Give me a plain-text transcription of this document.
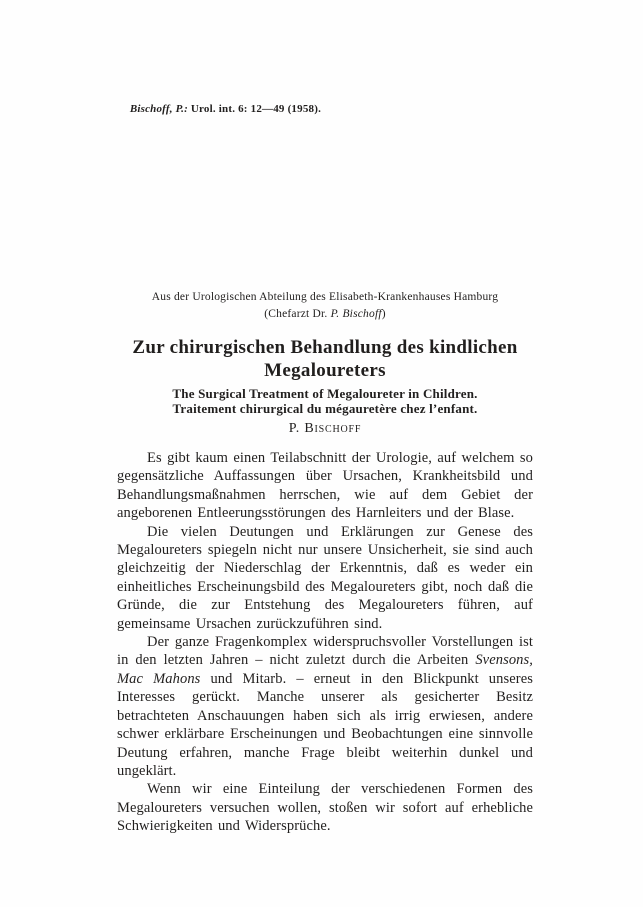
Bischoff, P.: Urol. int. 6: 12—49 (1958).

Aus der Urologischen Abteilung des Elisabeth-Krankenhauses Hamburg
(Chefarzt Dr. P. Bischoff)
Zur chirurgischen Behandlung des kindlichen
Megaloureters
The Surgical Treatment of Megaloureter in Children.
Traitement chirurgical du mégauretère chez l’enfant.
P. Bischoff

Es gibt kaum einen Teilabschnitt der Urologie, auf welchem so gegensätzliche Auffassungen über Ursachen, Krankheitsbild und Behandlungsmaßnahmen herrschen, wie auf dem Gebiet der angeborenen Entleerungsstörungen des Harnleiters und der Blase.

Die vielen Deutungen und Erklärungen zur Genese des Megaloureters spiegeln nicht nur unsere Unsicherheit, sie sind auch gleichzeitig der Niederschlag der Erkenntnis, daß es weder ein einheitliches Erscheinungsbild des Megaloureters gibt, noch daß die Gründe, die zur Entstehung des Megaloureters führen, auf gemeinsame Ursachen zurückzuführen sind.

Der ganze Fragenkomplex widerspruchsvoller Vorstellungen ist in den letzten Jahren – nicht zuletzt durch die Arbeiten Svensons, Mac Mahons und Mitarb. – erneut in den Blickpunkt unseres Interesses gerückt. Manche unserer als gesicherter Besitz betrachteten Anschauungen haben sich als irrig erwiesen, andere schwer erklärbare Erscheinungen und Beobachtungen eine sinnvolle Deutung erfahren, manche Frage bleibt weiterhin dunkel und ungeklärt.

Wenn wir eine Einteilung der verschiedenen Formen des Megaloureters versuchen wollen, stoßen wir sofort auf erhebliche Schwierigkeiten und Widersprüche.
